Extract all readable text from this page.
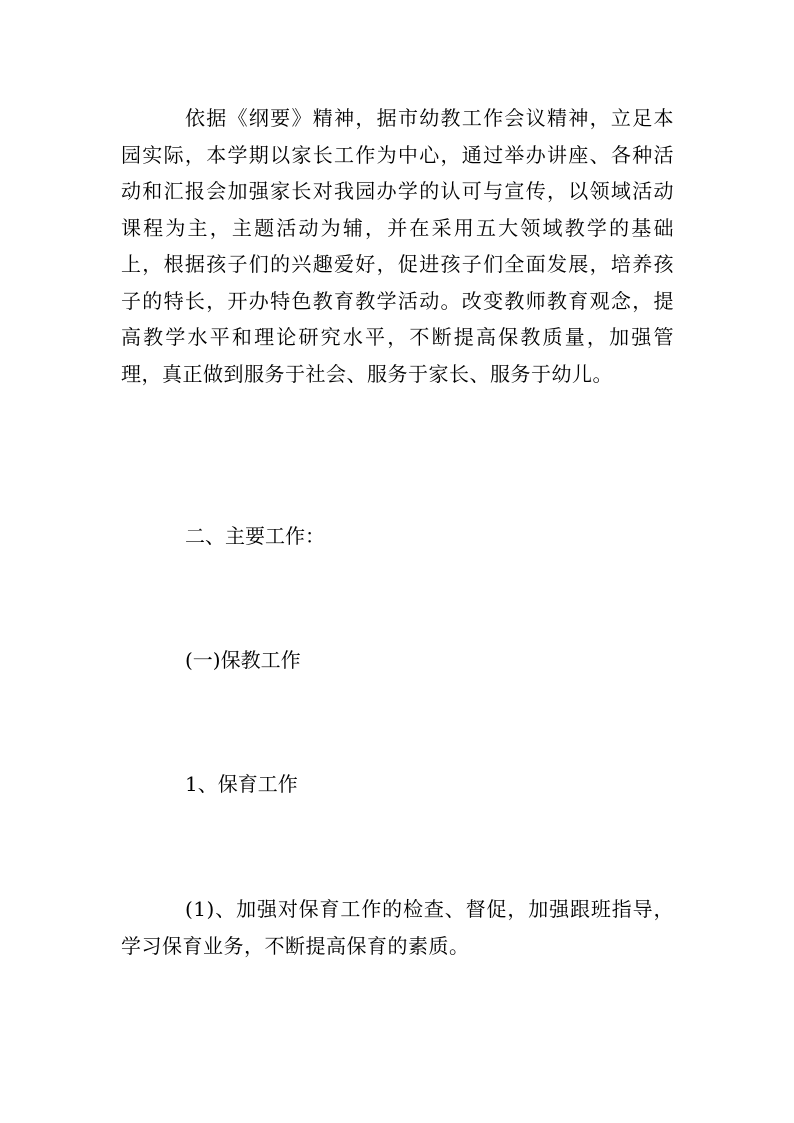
依据《纲要》精神，据市幼教工作会议精神，立足本园实际，本学期以家长工作为中心，通过举办讲座、各种活动和汇报会加强家长对我园办学的认可与宣传，以领域活动课程为主，主题活动为辅，并在采用五大领域教学的基础上，根据孩子们的兴趣爱好，促进孩子们全面发展，培养孩子的特长，开办特色教育教学活动。改变教师教育观念，提高教学水平和理论研究水平，不断提高保教质量，加强管理，真正做到服务于社会、服务于家长、服务于幼儿。

二、主要工作：

(一)保教工作

1、保育工作

(1)、加强对保育工作的检查、督促，加强跟班指导，学习保育业务，不断提高保育的素质。
